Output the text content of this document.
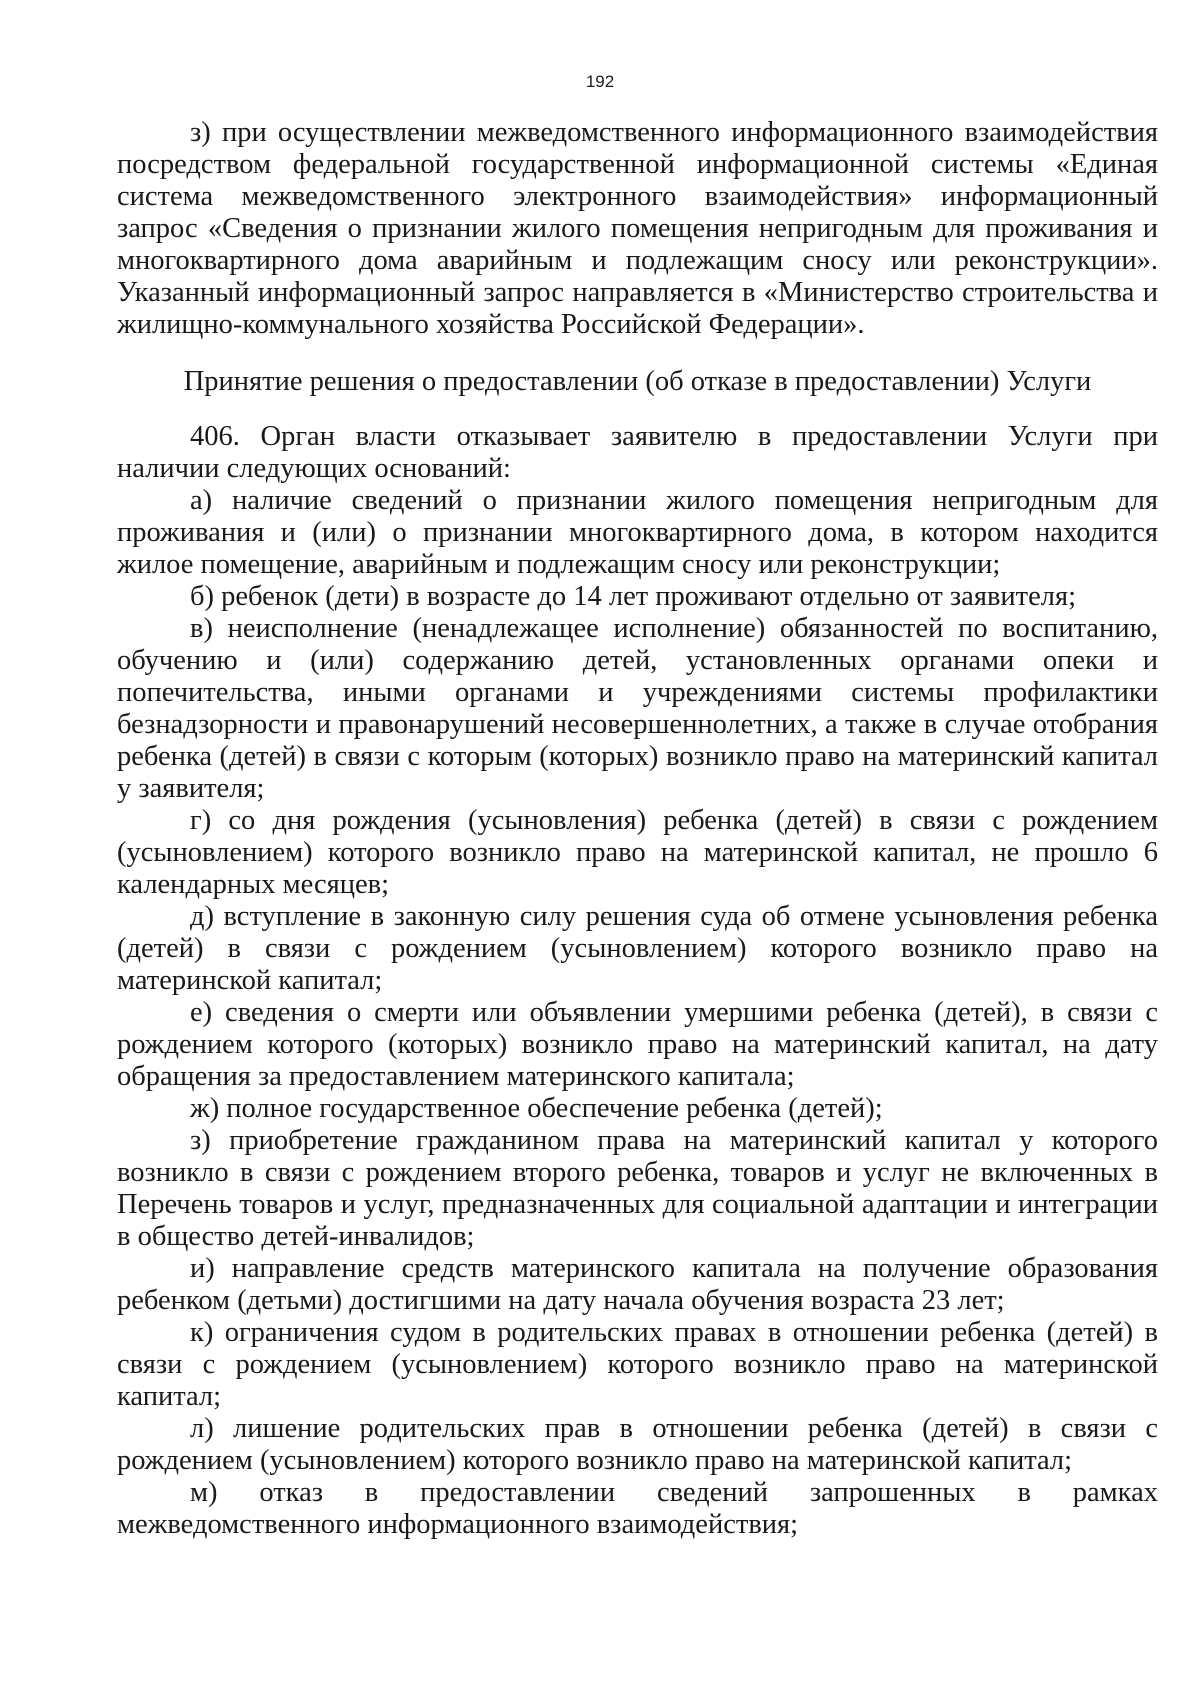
192

з) при осуществлении межведомственного информационного взаимодействия посредством федеральной государственной информационной системы «Единая система межведомственного электронного взаимодействия» информационный запрос «Сведения о признании жилого помещения непригодным для проживания и многоквартирного дома аварийным и подлежащим сносу или реконструкции». Указанный информационный запрос направляется в «Министерство строительства и жилищно-коммунального хозяйства Российской Федерации».

Принятие решения о предоставлении (об отказе в предоставлении) Услуги

406. Орган власти отказывает заявителю в предоставлении Услуги при наличии следующих оснований:

а) наличие сведений о признании жилого помещения непригодным для проживания и (или) о признании многоквартирного дома, в котором находится жилое помещение, аварийным и подлежащим сносу или реконструкции;

б) ребенок (дети) в возрасте до 14 лет проживают отдельно от заявителя;

в) неисполнение (ненадлежащее исполнение) обязанностей по воспитанию, обучению и (или) содержанию детей, установленных органами опеки и попечительства, иными органами и учреждениями системы профилактики безнадзорности и правонарушений несовершеннолетних, а также в случае отобрания ребенка (детей) в связи с которым (которых) возникло право на материнский капитал у заявителя;

г) со дня рождения (усыновления) ребенка (детей) в связи с рождением (усыновлением) которого возникло право на материнской капитал, не прошло 6 календарных месяцев;

д) вступление в законную силу решения суда об отмене усыновления ребенка (детей) в связи с рождением (усыновлением) которого возникло право на материнской капитал;

е) сведения о смерти или объявлении умершими ребенка (детей), в связи с рождением которого (которых) возникло право на материнский капитал, на дату обращения за предоставлением материнского капитала;

ж) полное государственное обеспечение ребенка (детей);

з) приобретение гражданином права на материнский капитал у которого возникло в связи с рождением второго ребенка, товаров и услуг не включенных в Перечень товаров и услуг, предназначенных для социальной адаптации и интеграции в общество детей-инвалидов;

и) направление средств материнского капитала на получение образования ребенком (детьми) достигшими на дату начала обучения возраста 23 лет;

к) ограничения судом в родительских правах в отношении ребенка (детей) в связи с рождением (усыновлением) которого возникло право на материнской капитал;

л) лишение родительских прав в отношении ребенка (детей) в связи с рождением (усыновлением) которого возникло право на материнской капитал;

м) отказ в предоставлении сведений запрошенных в рамках межведомственного информационного взаимодействия;
